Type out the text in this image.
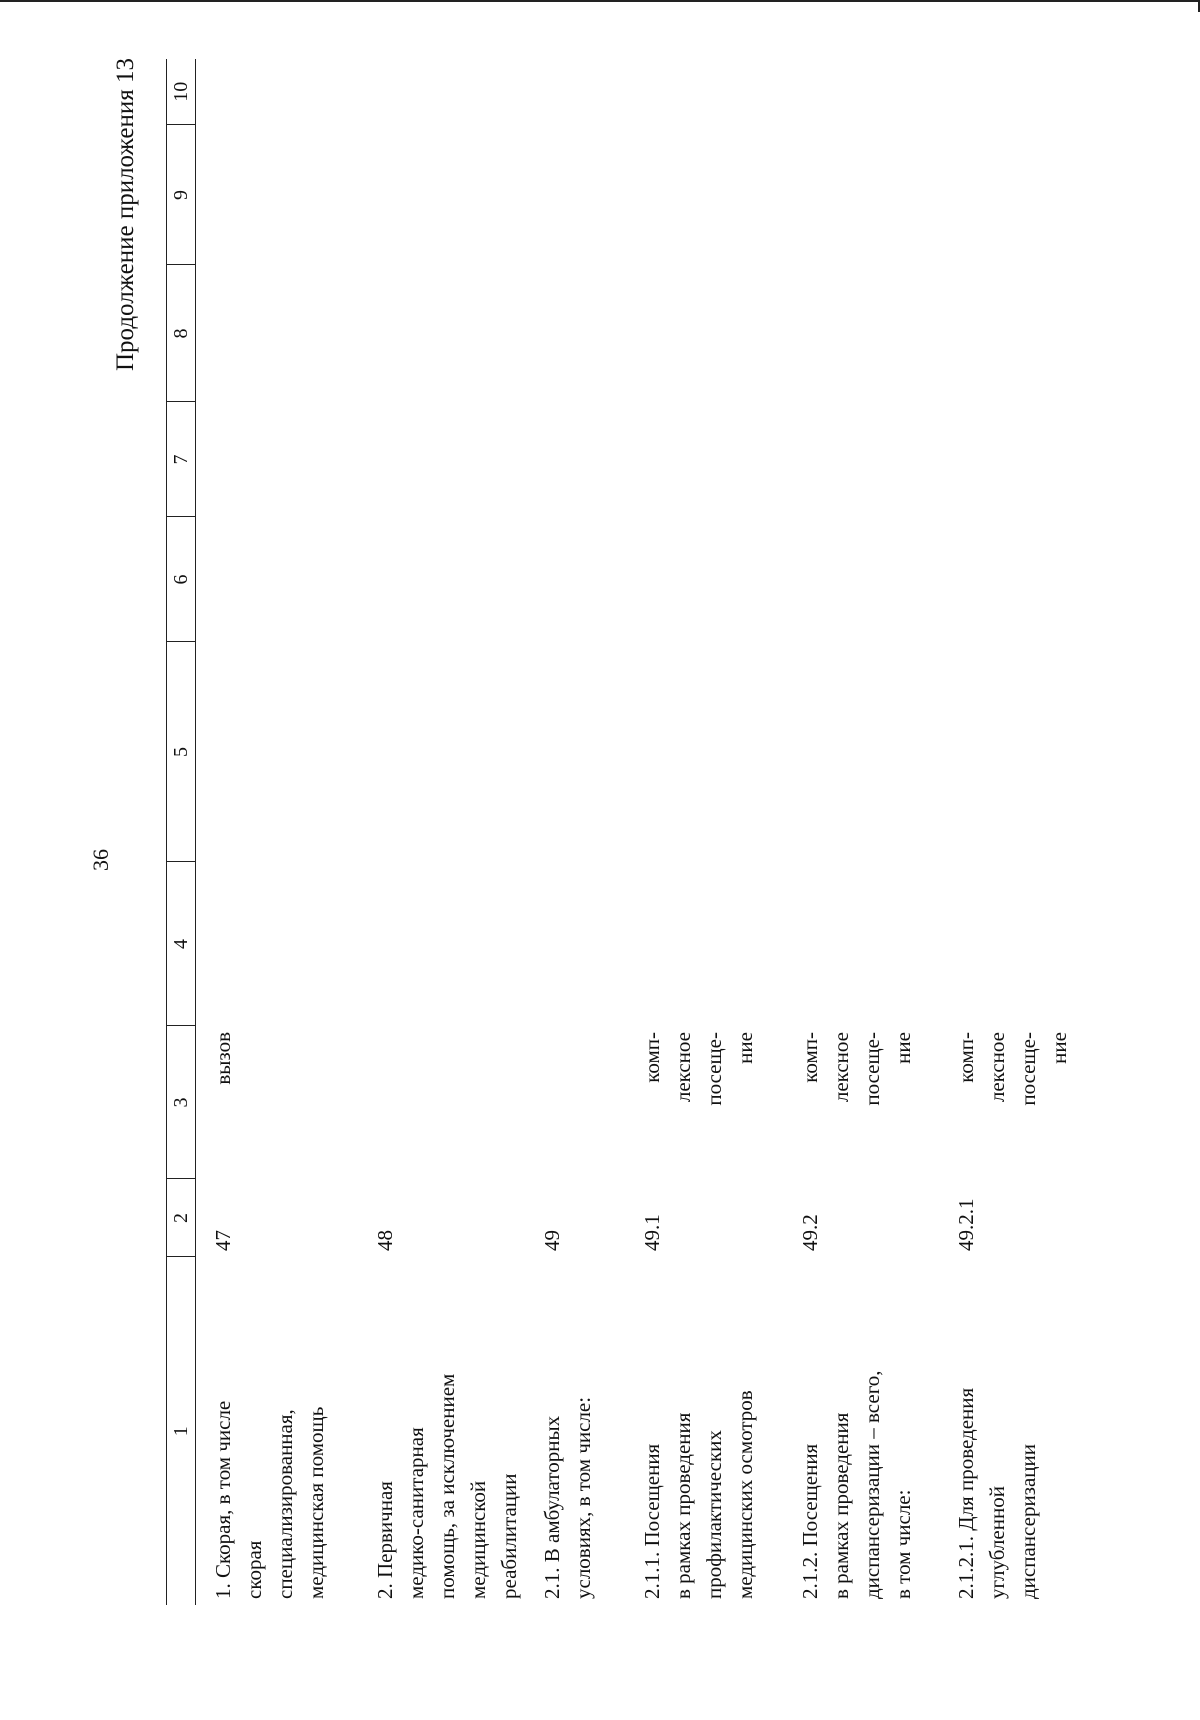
36
Продолжение приложения 13
1	2	3	4	5	6	7	8	9	10

1. Скорая, в том числе скорая специализированная, медицинская помощь	47	вызов							

2. Первичная медико-санитарная помощь, за исключением медицинской реабилитации	48								

2.1. В амбулаторных условиях, в том числе:	49								

2.1.1. Посещения в рамках проведения профилактических медицинских осмотров	49.1	комп- лексное посеще- ние							

2.1.2. Посещения в рамках проведения диспансеризации – всего, в том числе:	49.2	комп- лексное посеще- ние							

2.1.2.1. Для проведения углубленной диспансеризации	49.2.1	комп- лексное посеще- ние							
